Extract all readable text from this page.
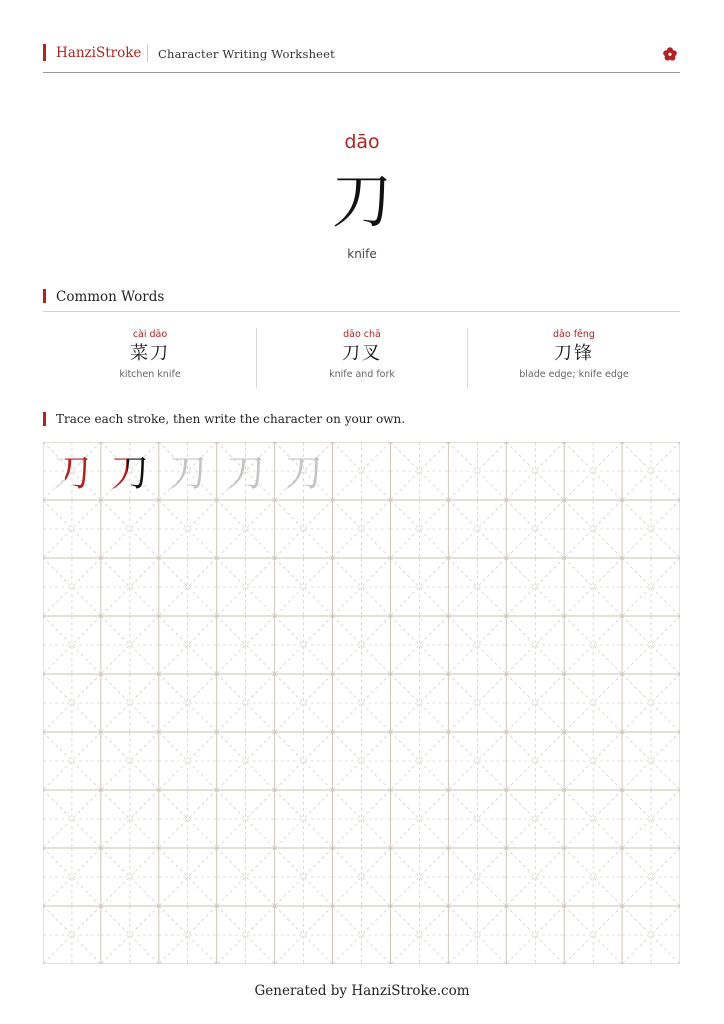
HanziStroke Character Writing Worksheet
dāo
刀
knife
Common Words
cài dāo
菜刀
kitchen knife
dāo chā
刀叉
knife and fork
dāo fēng
刀锋
blade edge; knife edge
Trace each stroke, then write the character on your own.
刀 刀 刀 刀 刀
Generated by HanziStroke.com
